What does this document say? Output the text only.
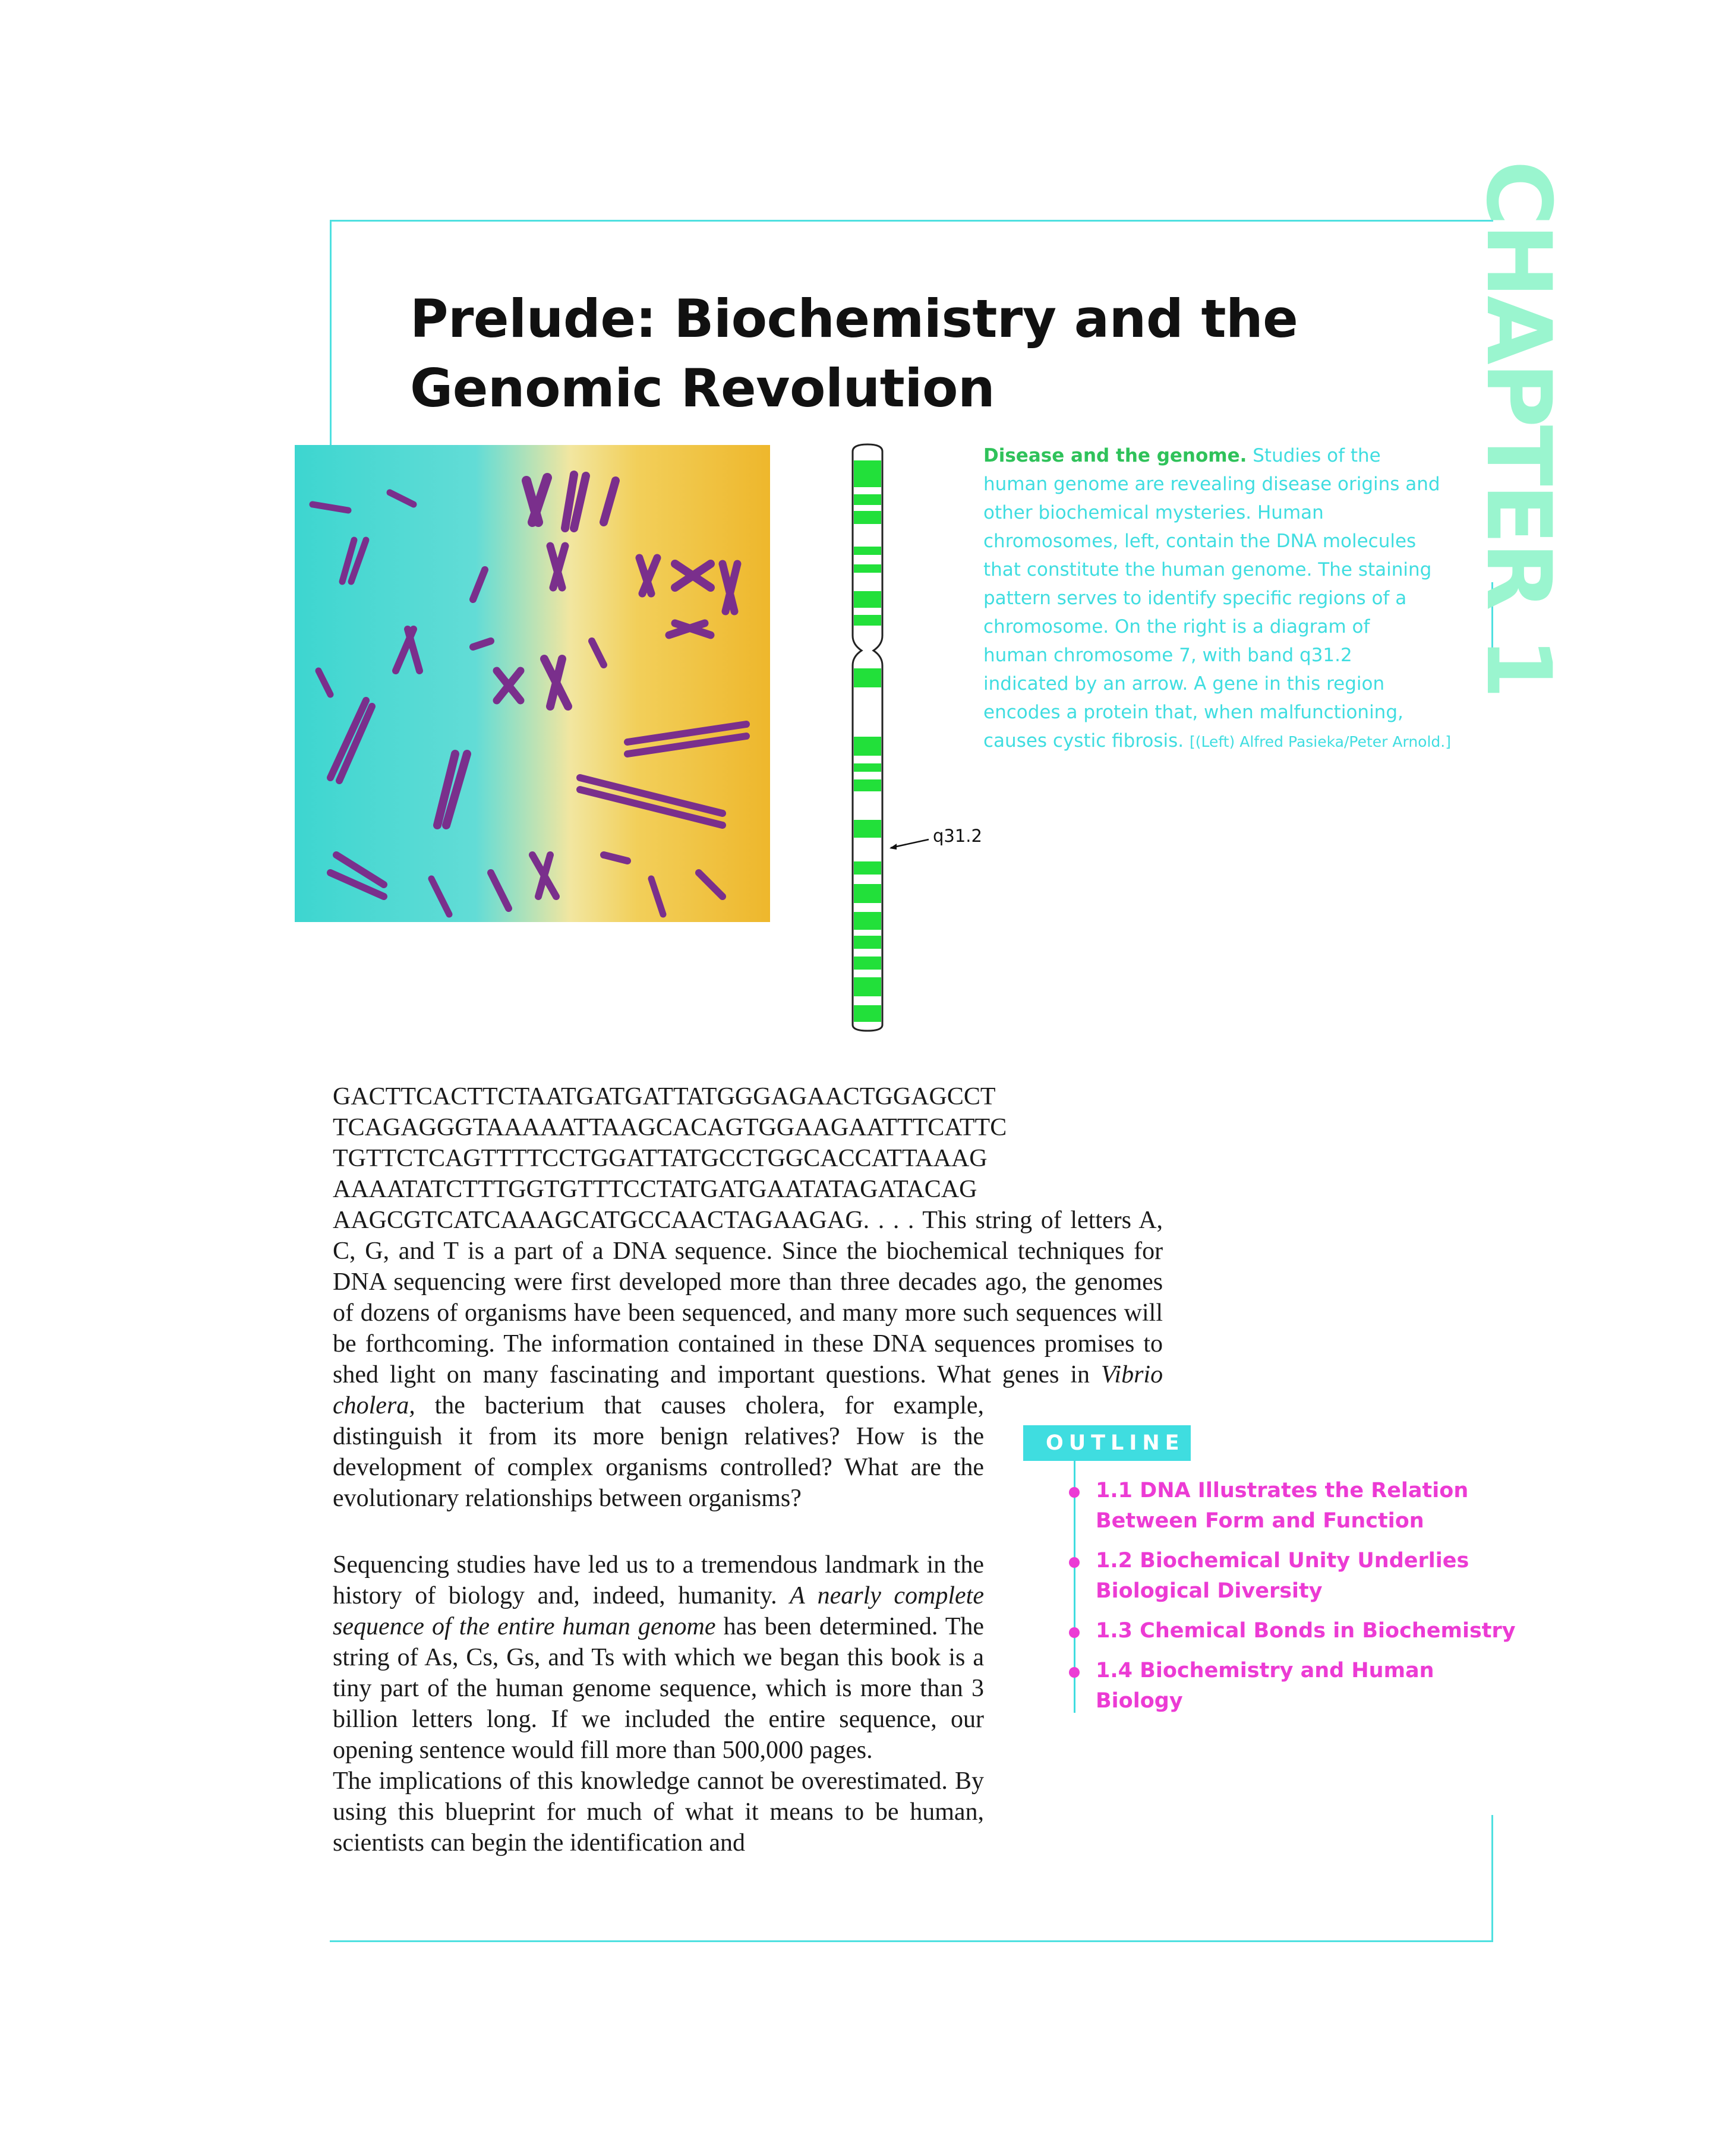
CHAPTER 1
Prelude: Biochemistry and the
Genomic Revolution
q31.2

Disease and the genome. Studies of the
human genome are revealing disease origins and
other biochemical mysteries. Human
chromosomes, left, contain the DNA molecules
that constitute the human genome. The staining
pattern serves to identify specific regions of a
chromosome. On the right is a diagram of
human chromosome 7, with band q31.2
indicated by an arrow. A gene in this region
encodes a protein that, when malfunctioning,
causes cystic fibrosis. [(Left) Alfred Pasieka/Peter Arnold.]

GACTTCACTTCTAATGATGATTATGGGAGAACTGGAGCCT

TCAGAGGGTAAAAATTAAGCACAGTGGAAGAATTTCATTC

TGTTCTCAGTTTTCCTGGATTATGCCTGGCACCATTAAAG

AAAATATCTTTGGTGTTTCCTATGATGAATATAGATACAG

AAGCGTCATCAAAGCATGCCAACTAGAAGAG. . . . This string of letters A, C, G, and T is a part of a DNA sequence. Since the biochemical techniques for DNA sequencing were first developed more than three decades ago, the genomes of dozens of organisms have been sequenced, and many more such sequences will be forthcoming. The information contained in these DNA sequences promises to shed light on many fascinating and important questions. What genes in Vibrio

cholera, the bacterium that causes cholera, for example, distinguish it from its more benign relatives? How is the development of complex organisms controlled? What are the evolutionary relationships between organisms?

OUTLINE
1.1 DNA Illustrates the Relation Between Form and Function
1.2 Biochemical Unity Underlies Biological Diversity
1.3 Chemical Bonds in Biochemistry
1.4 Biochemistry and Human Biology

Sequencing studies have led us to a tremendous landmark in the history of biology and, indeed, humanity. A nearly complete sequence of the entire human genome has been determined. The string of As, Cs, Gs, and Ts with which we began this book is a tiny part of the human genome sequence, which is more than 3 billion letters long. If we included the entire sequence, our opening sentence would fill more than 500,000 pages.

The implications of this knowledge cannot be overestimated. By using this blueprint for much of what it means to be human, scientists can begin the identification and
